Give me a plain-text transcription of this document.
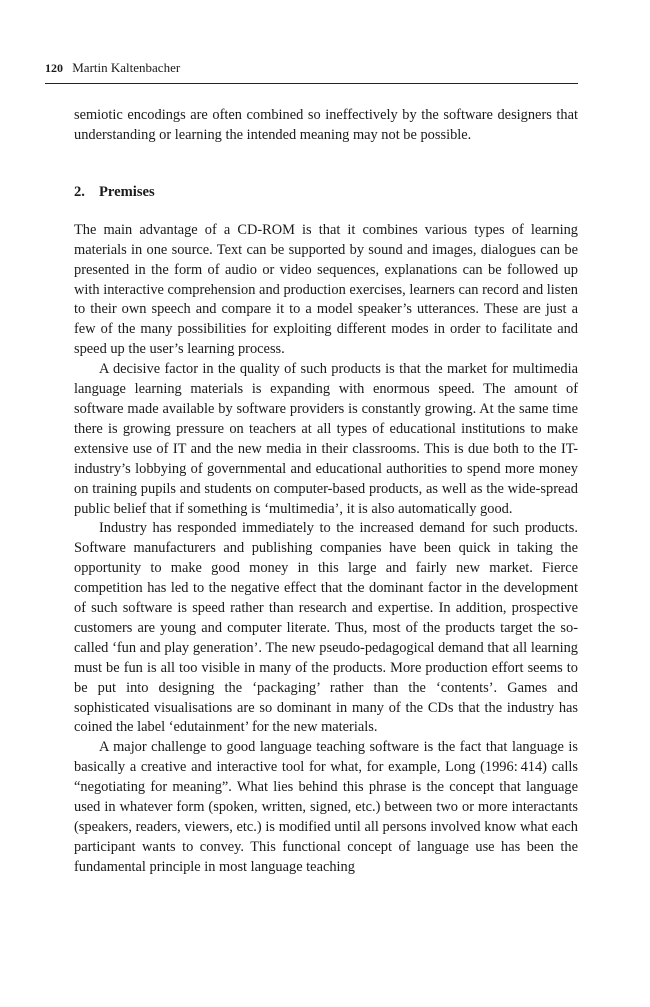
120 Martin Kaltenbacher

semiotic encodings are often combined so ineffectively by the software designers that understanding or learning the intended meaning may not be possible.

2. Premises

The main advantage of a CD-ROM is that it combines various types of learning materials in one source. Text can be supported by sound and images, dialogues can be presented in the form of audio or video sequences, explanations can be followed up with interactive comprehension and production exercises, learners can record and listen to their own speech and compare it to a model speaker’s utterances. These are just a few of the many possibilities for exploiting different modes in order to facilitate and speed up the user’s learning process.

A decisive factor in the quality of such products is that the market for multimedia language learning materials is expanding with enormous speed. The amount of software made available by software providers is constantly growing. At the same time there is growing pressure on teachers at all types of educational institutions to make extensive use of IT and the new media in their classrooms. This is due both to the IT-industry’s lobbying of governmental and educational authorities to spend more money on training pupils and students on computer-based products, as well as the wide-spread public belief that if something is ‘multimedia’, it is also automatically good.

Industry has responded immediately to the increased demand for such products. Software manufacturers and publishing companies have been quick in taking the opportunity to make good money in this large and fairly new market. Fierce competition has led to the negative effect that the dominant factor in the development of such software is speed rather than research and expertise. In addition, prospective customers are young and computer literate. Thus, most of the products target the so-called ‘fun and play generation’. The new pseudo-pedagogical demand that all learning must be fun is all too visible in many of the products. More production effort seems to be put into designing the ‘packaging’ rather than the ‘contents’. Games and sophisticated visualisations are so dominant in many of the CDs that the industry has coined the label ‘edutainment’ for the new materials.

A major challenge to good language teaching software is the fact that language is basically a creative and interactive tool for what, for example, Long (1996: 414) calls “negotiating for meaning”. What lies behind this phrase is the concept that language used in whatever form (spoken, written, signed, etc.) between two or more interactants (speakers, readers, viewers, etc.) is modified until all persons involved know what each participant wants to convey. This functional concept of language use has been the fundamental principle in most language teaching
